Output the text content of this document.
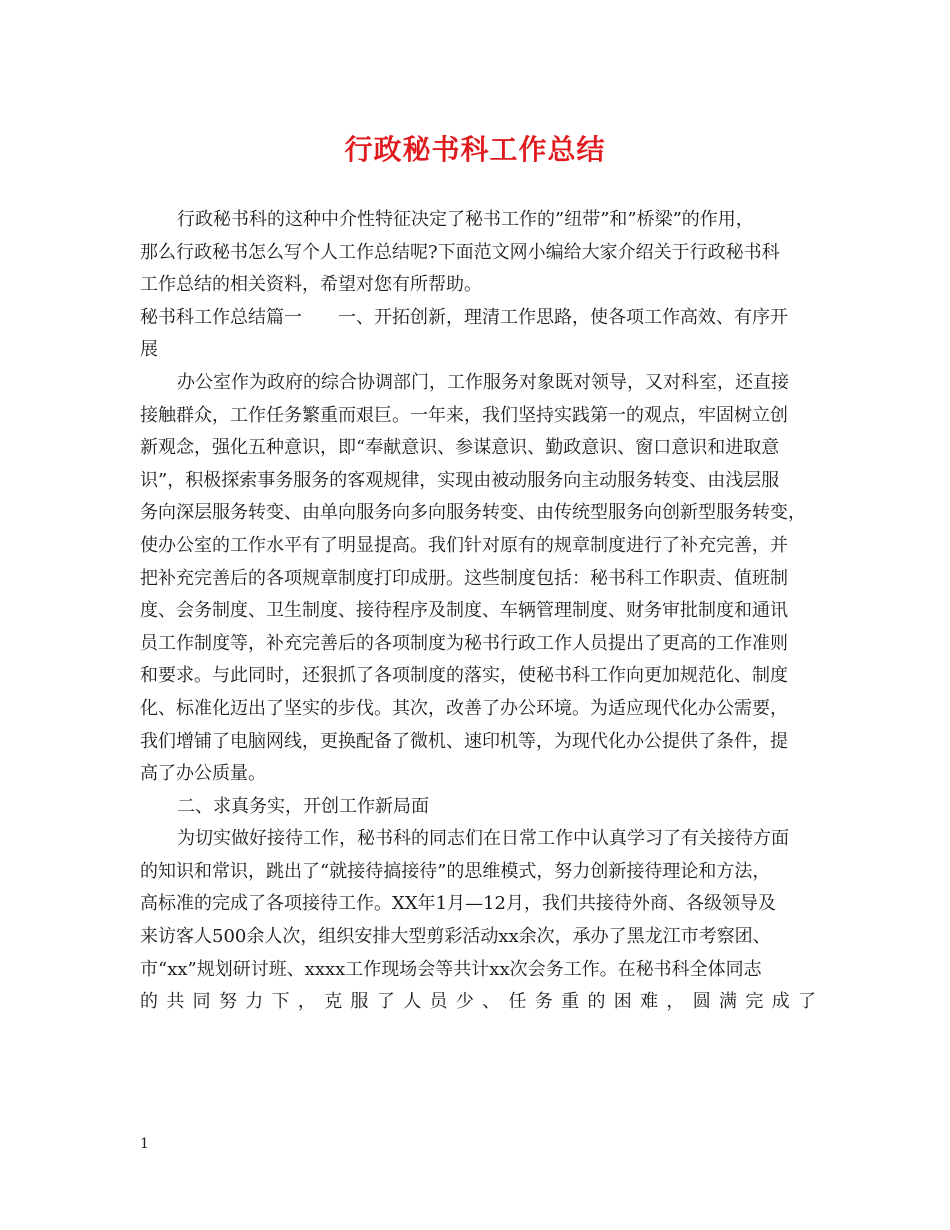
行政秘书科工作总结
行政秘书科的这种中介性特征决定了秘书工作的”纽带”和”桥梁”的作用，
那么行政秘书怎么写个人工作总结呢?下面范文网小编给大家介绍关于行政秘书科
工作总结的相关资料，希望对您有所帮助。
秘书科工作总结篇一　　一、开拓创新，理清工作思路，使各项工作高效、有序开
展
办公室作为政府的综合协调部门，工作服务对象既对领导，又对科室，还直接
接触群众，工作任务繁重而艰巨。一年来，我们坚持实践第一的观点，牢固树立创
新观念，强化五种意识，即“奉献意识、参谋意识、勤政意识、窗口意识和进取意
识”，积极探索事务服务的客观规律，实现由被动服务向主动服务转变、由浅层服
务向深层服务转变、由单向服务向多向服务转变、由传统型服务向创新型服务转变，
使办公室的工作水平有了明显提高。我们针对原有的规章制度进行了补充完善，并
把补充完善后的各项规章制度打印成册。这些制度包括：秘书科工作职责、值班制
度、会务制度、卫生制度、接待程序及制度、车辆管理制度、财务审批制度和通讯
员工作制度等，补充完善后的各项制度为秘书行政工作人员提出了更高的工作准则
和要求。与此同时，还狠抓了各项制度的落实，使秘书科工作向更加规范化、制度
化、标准化迈出了坚实的步伐。其次，改善了办公环境。为适应现代化办公需要，
我们增铺了电脑网线，更换配备了微机、速印机等，为现代化办公提供了条件，提
高了办公质量。
二、求真务实，开创工作新局面
为切实做好接待工作，秘书科的同志们在日常工作中认真学习了有关接待方面
的知识和常识，跳出了“就接待搞接待”的思维模式，努力创新接待理论和方法，
高标准的完成了各项接待工作。XX年1月—12月，我们共接待外商、各级领导及
来访客人500余人次，组织安排大型剪彩活动xx余次，承办了黑龙江市考察团、
市“xx”规划研讨班、xxxx工作现场会等共计xx次会务工作。在秘书科全体同志
的共同努力下，克服了人员少、任务重的困难，圆满完成了
1
